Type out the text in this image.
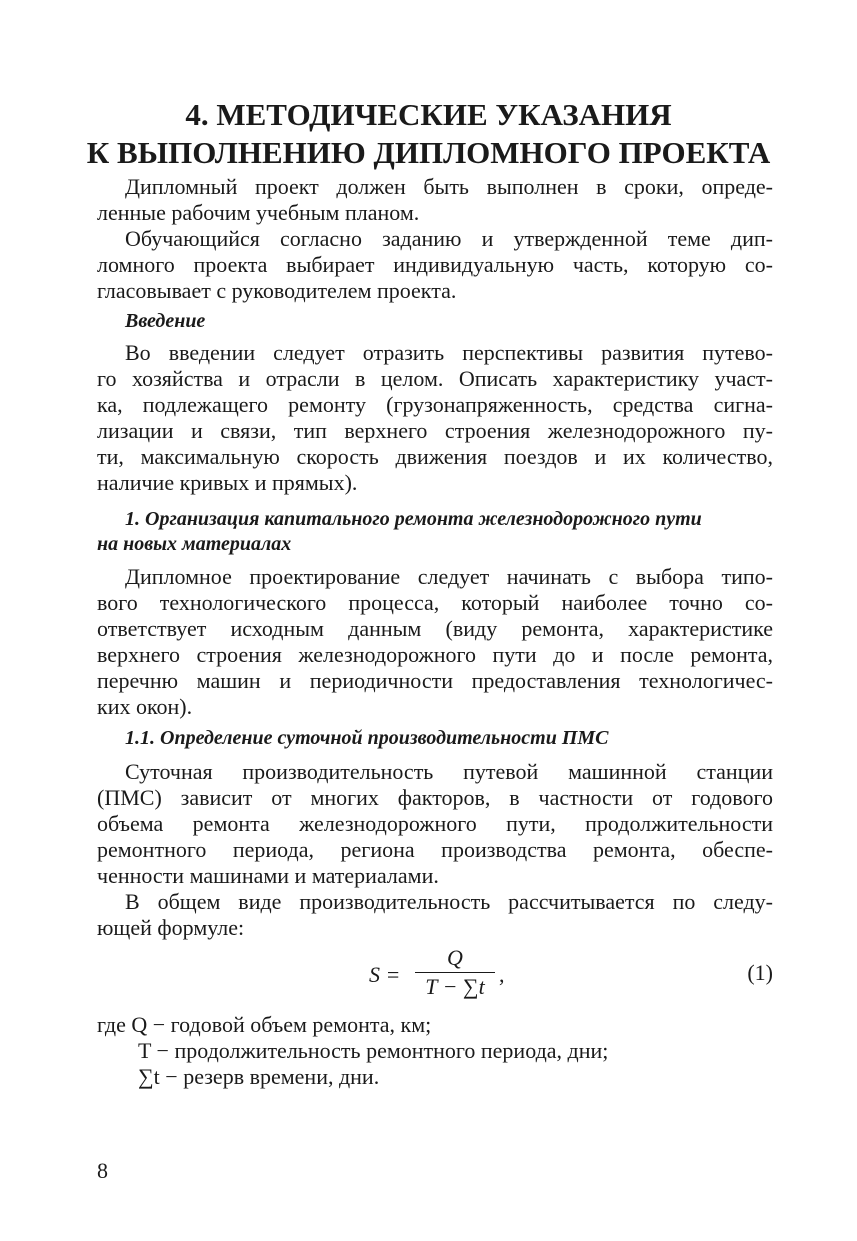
4. МЕТОДИЧЕСКИЕ УКАЗАНИЯ
К ВЫПОЛНЕНИЮ ДИПЛОМНОГО ПРОЕКТА

Дипломный проект должен быть выполнен в сроки, опреде-
ленные рабочим учебным планом.

Обучающийся согласно заданию и утвержденной теме дип-
ломного проекта выбирает индивидуальную часть, которую со-
гласовывает с руководителем проекта.

Введение

Во введении следует отразить перспективы развития путево-
го хозяйства и отрасли в целом. Описать характеристику участ-
ка, подлежащего ремонту (грузонапряженность, средства сигна-
лизации и связи, тип верхнего строения железнодорожного пу-
ти, максимальную скорость движения поездов и их количество,
наличие кривых и прямых).

1. Организация капитального ремонта железнодорожного пути
на новых материалах

Дипломное проектирование следует начинать с выбора типо-
вого технологического процесса, который наиболее точно со-
ответствует исходным данным (виду ремонта, характеристике
верхнего строения железнодорожного пути до и после ремонта,
перечню машин и периодичности предоставления технологичес-
ких окон).

1.1. Определение суточной производительности ПМС

Суточная производительность путевой машинной станции
(ПМС) зависит от многих факторов, в частности от годового
объема ремонта железнодорожного пути, продолжительности
ремонтного периода, региона производства ремонта, обеспе-
ченности машинами и материалами.

В общем виде производительность рассчитывается по следу-
ющей формуле:

S =
Q
T − ∑t ,	(1)
где Q − годовой объем ремонта, км;
T − продолжительность ремонтного периода, дни;
∑t − резерв времени, дни.
8
